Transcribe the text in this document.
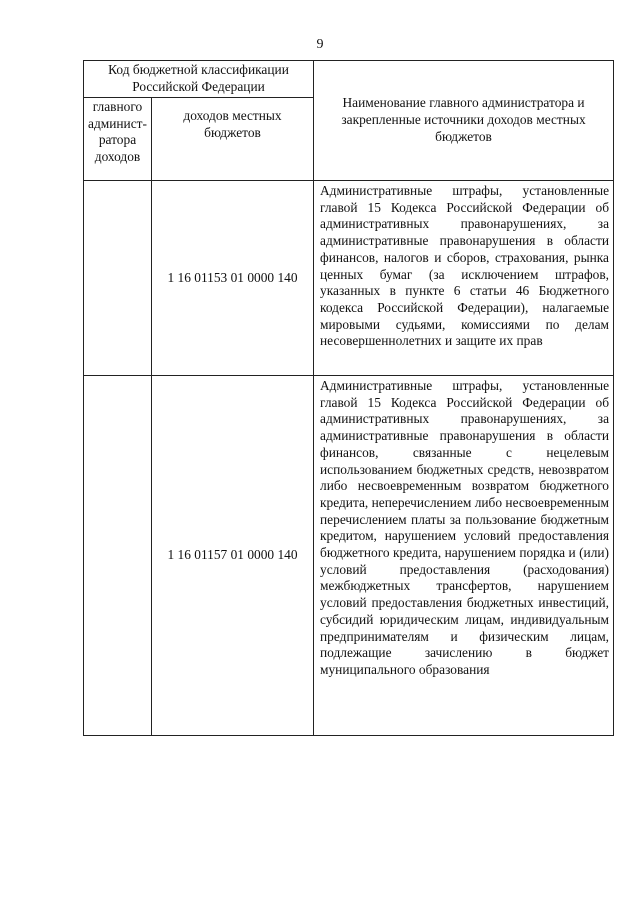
9
Код бюджетной классификации Российской Федерации		Наименование главного администратора и закрепленные источники доходов местных бюджетов
главного админист-ратора доходов	доходов местных бюджетов	
	1 16 01153 01 0000 140	Административные штрафы, установленные главой 15 Кодекса Российской Федерации об административных правонарушениях, за административные правонарушения в области финансов, налогов и сборов, страхования, рынка ценных бумаг (за исключением штрафов, указанных в пункте 6 статьи 46 Бюджетного кодекса Российской Федерации), налагаемые мировыми судьями, комиссиями по делам несовершеннолетних и защите их прав
	1 16 01157 01 0000 140	Административные штрафы, установленные главой 15 Кодекса Российской Федерации об административных правонарушениях, за административные правонарушения в области финансов, связанные с нецелевым использованием бюджетных средств, невозвратом либо несвоевременным возвратом бюджетного кредита, неперечислением либо несвоевременным перечислением платы за пользование бюджетным кредитом, нарушением условий предоставления бюджетного кредита, нарушением порядка и (или) условий предоставления (расходования) межбюджетных трансфертов, нарушением условий предоставления бюджетных инвестиций, субсидий юридическим лицам, индивидуальным предпринимателям и физическим лицам, подлежащие зачислению в бюджет муниципального образования
